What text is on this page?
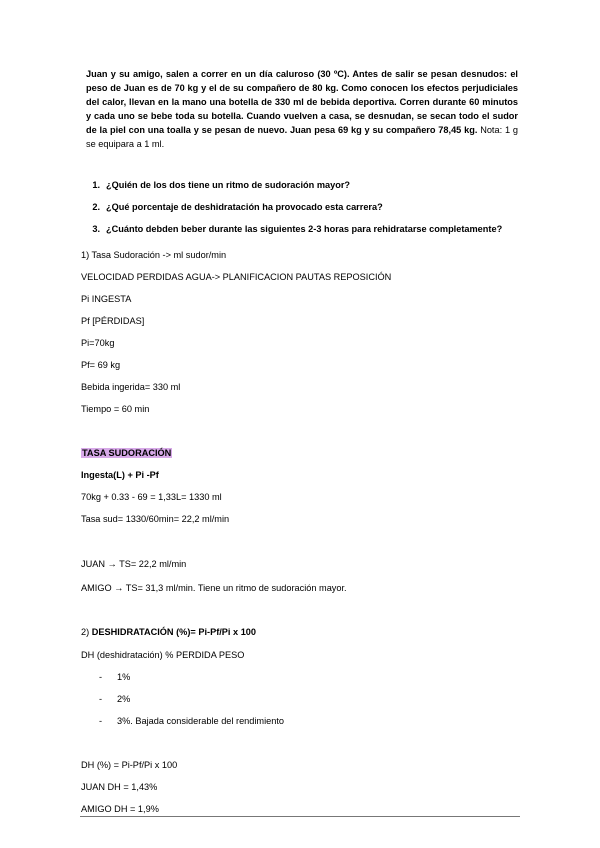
Juan y su amigo, salen a correr en un día caluroso (30 ºC). Antes de salir se pesan desnudos: el peso de Juan es de 70 kg y el de su compañero de 80 kg. Como conocen los efectos perjudiciales del calor, llevan en la mano una botella de 330 ml de bebida deportiva. Corren durante 60 minutos y cada uno se bebe toda su botella. Cuando vuelven a casa, se desnudan, se secan todo el sudor de la piel con una toalla y se pesan de nuevo. Juan pesa 69 kg y su compañero 78,45 kg. Nota: 1 g se equipara a 1 ml.
1. ¿Quién de los dos tiene un ritmo de sudoración mayor?
2. ¿Qué porcentaje de deshidratación ha provocado esta carrera?
3. ¿Cuánto debden beber durante las siguientes 2-3 horas para rehidratarse completamente?
1) Tasa Sudoración -> ml sudor/min
VELOCIDAD PERDIDAS AGUA-> PLANIFICACION PAUTAS REPOSICIÓN
Pi INGESTA
Pf [PÉRDIDAS]
Pi=70kg
Pf= 69 kg
Bebida ingerida= 330 ml
Tiempo = 60 min
TASA SUDORACIÓN
Ingesta(L) + Pi -Pf
70kg + 0.33 - 69 = 1,33L= 1330 ml
Tasa sud= 1330/60min= 22,2 ml/min
JUAN → TS= 22,2 ml/min
AMIGO → TS= 31,3 ml/min. Tiene un ritmo de sudoración mayor.
2) DESHIDRATACIÓN (%)= Pi-Pf/Pi x 100
DH (deshidratación) % PERDIDA PESO
- 1%
- 2%
- 3%. Bajada considerable del rendimiento
DH (%) = Pi-Pf/Pi x 100
JUAN DH = 1,43%
AMIGO DH = 1,9%
